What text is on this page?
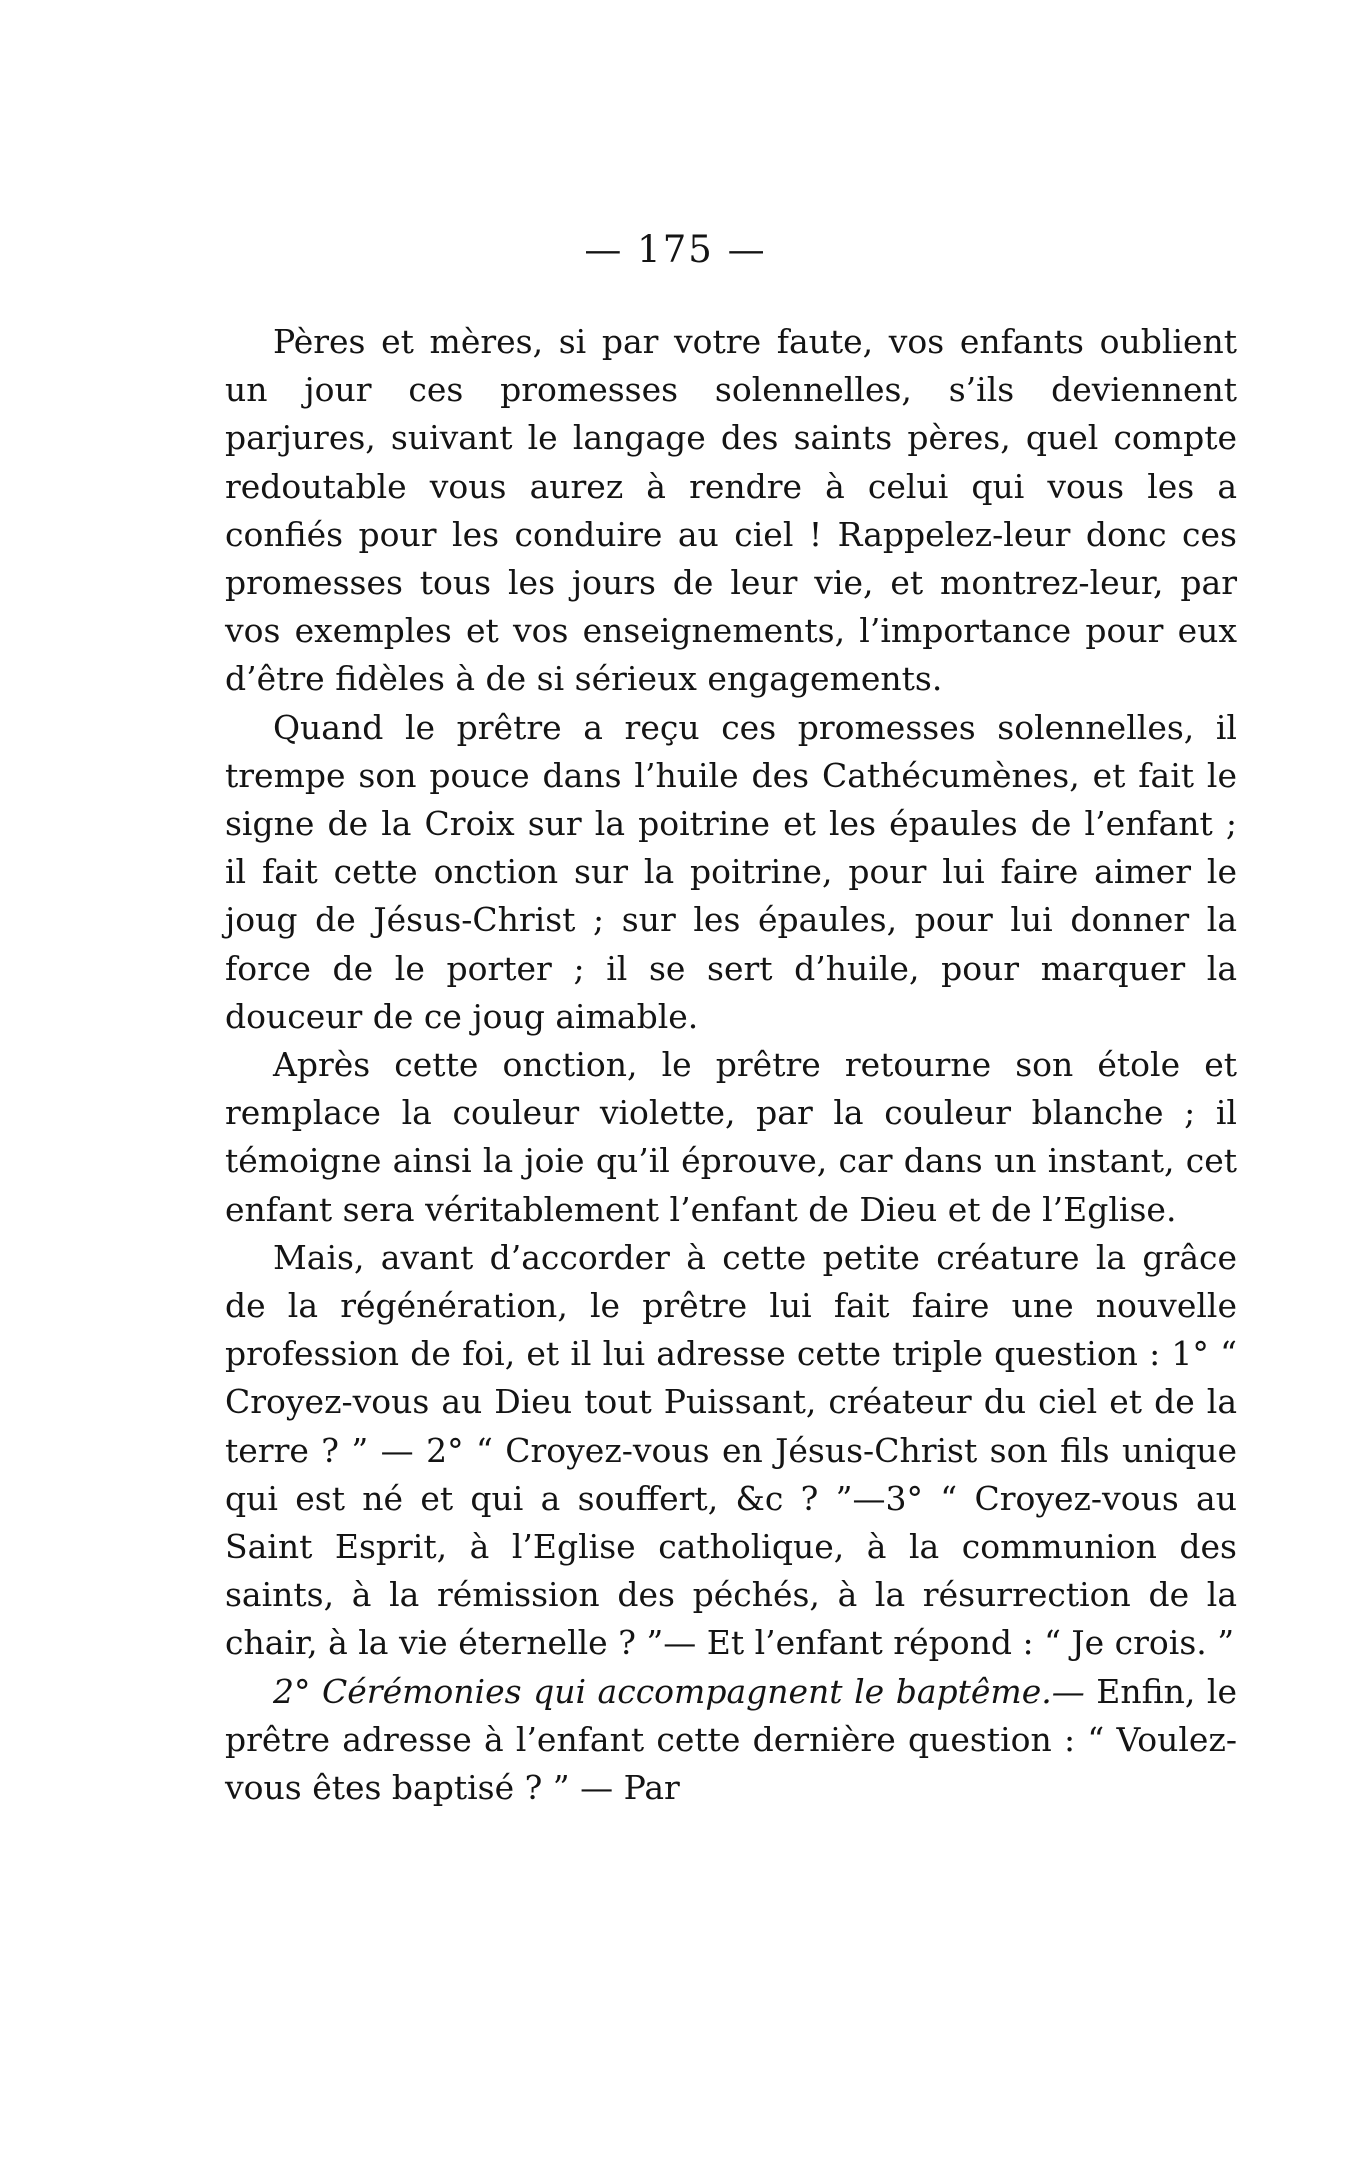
— 175 —

Pères et mères, si par votre faute, vos enfants oublient un jour ces promesses solennelles, s’ils deviennent parjures, suivant le langage des saints pères, quel compte redoutable vous aurez à rendre à celui qui vous les a confiés pour les conduire au ciel ! Rappelez-leur donc ces promesses tous les jours de leur vie, et montrez-leur, par vos exemples et vos enseignements, l’importance pour eux d’être fidèles à de si sérieux engagements.

Quand le prêtre a reçu ces promesses solennelles, il trempe son pouce dans l’huile des Cathécumènes, et fait le signe de la Croix sur la poitrine et les épaules de l’enfant ; il fait cette onction sur la poitrine, pour lui faire aimer le joug de Jésus-Christ ; sur les épaules, pour lui donner la force de le porter ; il se sert d’huile, pour marquer la douceur de ce joug aimable.

Après cette onction, le prêtre retourne son étole et remplace la couleur violette, par la couleur blanche ; il témoigne ainsi la joie qu’il éprouve, car dans un instant, cet enfant sera véritablement l’enfant de Dieu et de l’Eglise.

Mais, avant d’accorder à cette petite créature la grâce de la régénération, le prêtre lui fait faire une nouvelle profession de foi, et il lui adresse cette triple question : 1° “ Croyez-vous au Dieu tout Puissant, créateur du ciel et de la terre ? ” — 2° “ Croyez-vous en Jésus-Christ son fils unique qui est né et qui a souffert, &c ? ”—3° “ Croyez-vous au Saint Esprit, à l’Eglise catholique, à la communion des saints, à la rémission des péchés, à la résurrection de la chair, à la vie éternelle ? ”— Et l’enfant répond : “ Je crois. ”

2° Cérémonies qui accompagnent le baptême.— Enfin, le prêtre adresse à l’enfant cette dernière question : “ Voulez-vous êtes baptisé ? ” — Par
